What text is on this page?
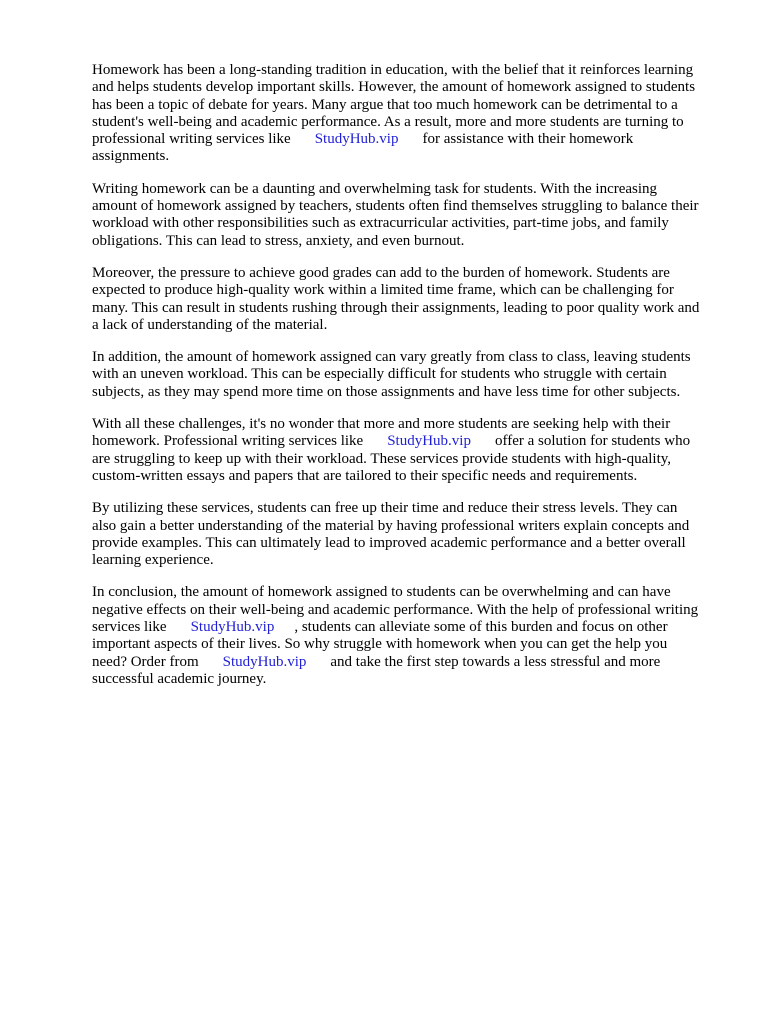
Homework has been a long-standing tradition in education, with the belief that it reinforces learning
and helps students develop important skills. However, the amount of homework assigned to students
has been a topic of debate for years. Many argue that too much homework can be detrimental to a
student's well-being and academic performance. As a result, more and more students are turning to
professional writing services like StudyHub.vip for assistance with their homework
assignments.
Writing homework can be a daunting and overwhelming task for students. With the increasing
amount of homework assigned by teachers, students often find themselves struggling to balance their
workload with other responsibilities such as extracurricular activities, part-time jobs, and family
obligations. This can lead to stress, anxiety, and even burnout.
Moreover, the pressure to achieve good grades can add to the burden of homework. Students are
expected to produce high-quality work within a limited time frame, which can be challenging for
many. This can result in students rushing through their assignments, leading to poor quality work and
a lack of understanding of the material.
In addition, the amount of homework assigned can vary greatly from class to class, leaving students
with an uneven workload. This can be especially difficult for students who struggle with certain
subjects, as they may spend more time on those assignments and have less time for other subjects.
With all these challenges, it's no wonder that more and more students are seeking help with their
homework. Professional writing services like StudyHub.vip offer a solution for students who
are struggling to keep up with their workload. These services provide students with high-quality,
custom-written essays and papers that are tailored to their specific needs and requirements.
By utilizing these services, students can free up their time and reduce their stress levels. They can
also gain a better understanding of the material by having professional writers explain concepts and
provide examples. This can ultimately lead to improved academic performance and a better overall
learning experience.
In conclusion, the amount of homework assigned to students can be overwhelming and can have
negative effects on their well-being and academic performance. With the help of professional writing
services like StudyHub.vip , students can alleviate some of this burden and focus on other
important aspects of their lives. So why struggle with homework when you can get the help you
need? Order from StudyHub.vip and take the first step towards a less stressful and more
successful academic journey.
